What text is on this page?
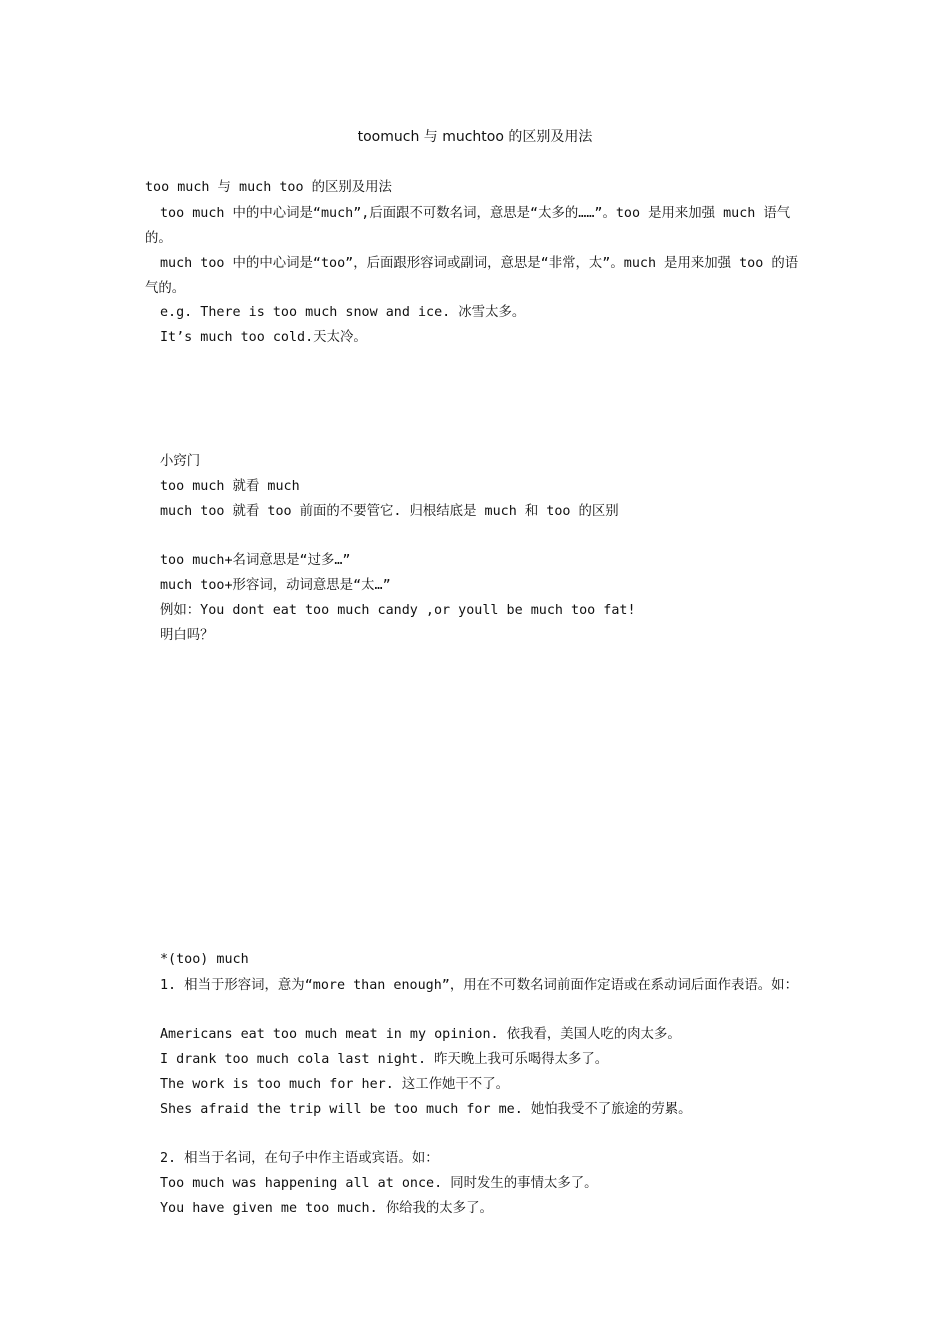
toomuch 与 muchtoo 的区别及用法
too much 与 much too 的区别及用法
too much 中的中心词是“much”,后面跟不可数名词，意思是“太多的……”。too 是用来加强 much 语气的。
much too 中的中心词是“too”，后面跟形容词或副词，意思是“非常，太”。much 是用来加强 too 的语气的。
e.g. There is too much snow and ice. 冰雪太多。
It’s much too cold.天太冷。
小窍门
too much 就看 much
much too 就看 too 前面的不要管它. 归根结底是 much 和 too 的区别
too much+名词意思是“过多…”
much too+形容词，动词意思是“太…”
例如：You dont eat too much candy ,or youll be much too fat!
明白吗？
*(too) much
1. 相当于形容词，意为“more than enough”，用在不可数名词前面作定语或在系动词后面作表语。如：
Americans eat too much meat in my opinion. 依我看，美国人吃的肉太多。
I drank too much cola last night. 昨天晚上我可乐喝得太多了。
The work is too much for her. 这工作她干不了。
Shes afraid the trip will be too much for me. 她怕我受不了旅途的劳累。
2. 相当于名词，在句子中作主语或宾语。如：
Too much was happening all at once. 同时发生的事情太多了。
You have given me too much. 你给我的太多了。
